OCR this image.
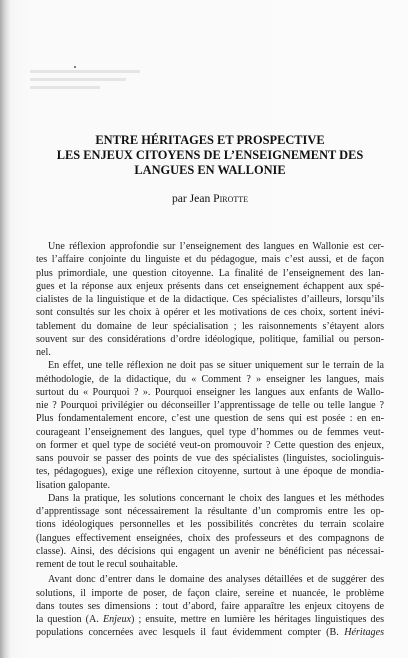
ENTRE HÉRITAGES ET PROSPECTIVE
LES ENJEUX CITOYENS DE L’ENSEIGNEMENT DES
LANGUES EN WALLONIE
par Jean Pirotte
Une réflexion approfondie sur l’enseignement des langues en Wallonie est cer-
tes l’affaire conjointe du linguiste et du pédagogue, mais c’est aussi, et de façon
plus primordiale, une question citoyenne. La finalité de l’enseignement des lan-
gues et la réponse aux enjeux présents dans cet enseignement échappent aux spé-
cialistes de la linguistique et de la didactique. Ces spécialistes d’ailleurs, lorsqu’ils
sont consultés sur les choix à opérer et les motivations de ces choix, sortent inévi-
tablement du domaine de leur spécialisation ; les raisonnements s’étayent alors
souvent sur des considérations d’ordre idéologique, politique, familial ou person-
nel.
En effet, une telle réflexion ne doit pas se situer uniquement sur le terrain de la
méthodologie, de la didactique, du « Comment ? » enseigner les langues, mais
surtout du « Pourquoi ? ». Pourquoi enseigner les langues aux enfants de Wallo-
nie ? Pourquoi privilégier ou déconseiller l’apprentissage de telle ou telle langue ?
Plus fondamentalement encore, c’est une question de sens qui est posée : en en-
courageant l’enseignement des langues, quel type d’hommes ou de femmes veut-
on former et quel type de société veut-on promouvoir ? Cette question des enjeux,
sans pouvoir se passer des points de vue des spécialistes (linguistes, sociolinguis-
tes, pédagogues), exige une réflexion citoyenne, surtout à une époque de mondia-
lisation galopante.
Dans la pratique, les solutions concernant le choix des langues et les méthodes
d’apprentissage sont nécessairement la résultante d’un compromis entre les op-
tions idéologiques personnelles et les possibilités concrètes du terrain scolaire
(langues effectivement enseignées, choix des professeurs et des compagnons de
classe). Ainsi, des décisions qui engagent un avenir ne bénéficient pas nécessai-
rement de tout le recul souhaitable.
Avant donc d’entrer dans le domaine des analyses détaillées et de suggérer des
solutions, il importe de poser, de façon claire, sereine et nuancée, le problème
dans toutes ses dimensions : tout d’abord, faire apparaître les enjeux citoyens de
la question (A. Enjeux) ; ensuite, mettre en lumière les héritages linguistiques des
populations concernées avec lesquels il faut évidemment compter (B. Héritages
